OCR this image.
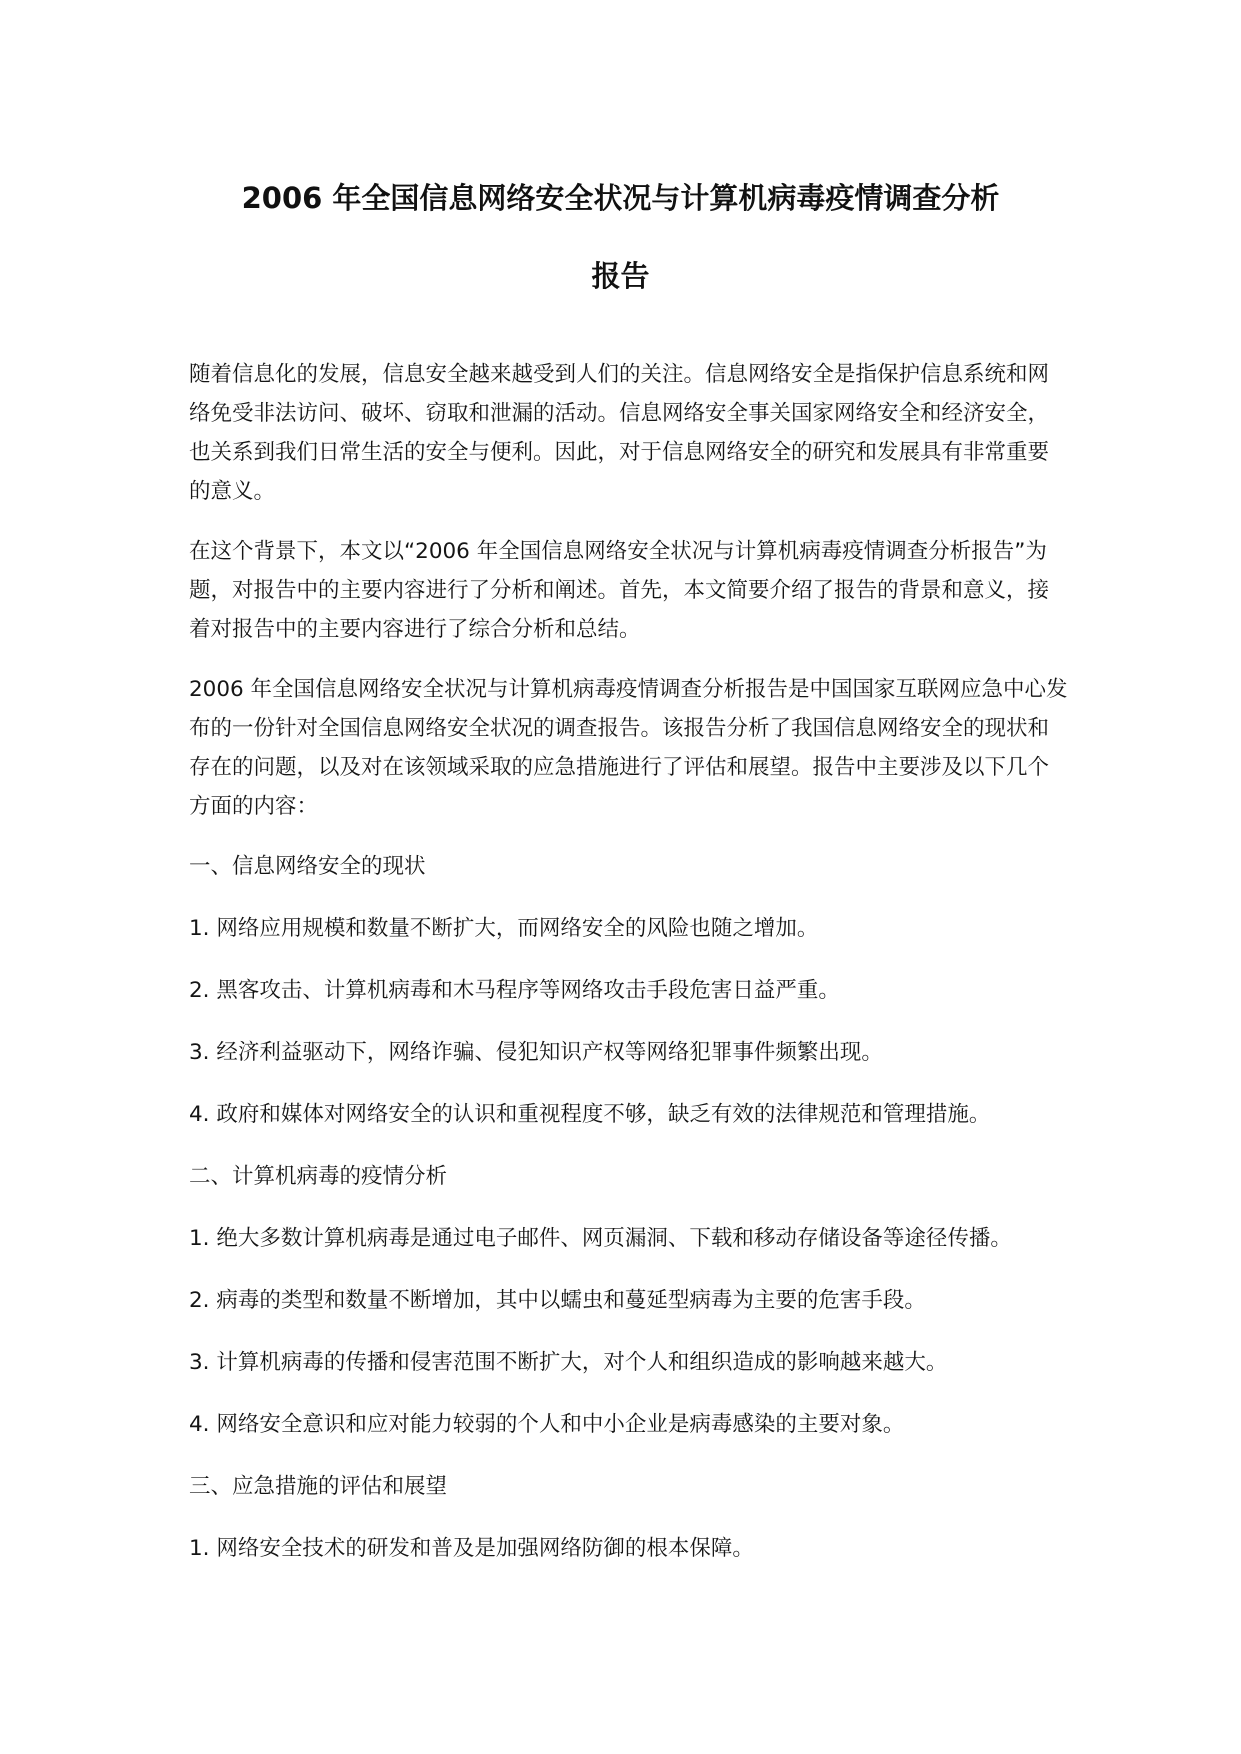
2006 年全国信息网络安全状况与计算机病毒疫情调查分析
报告

随着信息化的发展，信息安全越来越受到人们的关注。信息网络安全是指保护信息系统和网络免受非法访问、破坏、窃取和泄漏的活动。信息网络安全事关国家网络安全和经济安全，也关系到我们日常生活的安全与便利。因此，对于信息网络安全的研究和发展具有非常重要的意义。

在这个背景下，本文以“2006 年全国信息网络安全状况与计算机病毒疫情调查分析报告”为题，对报告中的主要内容进行了分析和阐述。首先，本文简要介绍了报告的背景和意义，接着对报告中的主要内容进行了综合分析和总结。

2006 年全国信息网络安全状况与计算机病毒疫情调查分析报告是中国国家互联网应急中心发布的一份针对全国信息网络安全状况的调查报告。该报告分析了我国信息网络安全的现状和存在的问题，以及对在该领域采取的应急措施进行了评估和展望。报告中主要涉及以下几个方面的内容：

一、信息网络安全的现状

1. 网络应用规模和数量不断扩大，而网络安全的风险也随之增加。

2. 黑客攻击、计算机病毒和木马程序等网络攻击手段危害日益严重。

3. 经济利益驱动下，网络诈骗、侵犯知识产权等网络犯罪事件频繁出现。

4. 政府和媒体对网络安全的认识和重视程度不够，缺乏有效的法律规范和管理措施。

二、计算机病毒的疫情分析

1. 绝大多数计算机病毒是通过电子邮件、网页漏洞、下载和移动存储设备等途径传播。

2. 病毒的类型和数量不断增加，其中以蠕虫和蔓延型病毒为主要的危害手段。

3. 计算机病毒的传播和侵害范围不断扩大，对个人和组织造成的影响越来越大。

4. 网络安全意识和应对能力较弱的个人和中小企业是病毒感染的主要对象。

三、应急措施的评估和展望

1. 网络安全技术的研发和普及是加强网络防御的根本保障。
